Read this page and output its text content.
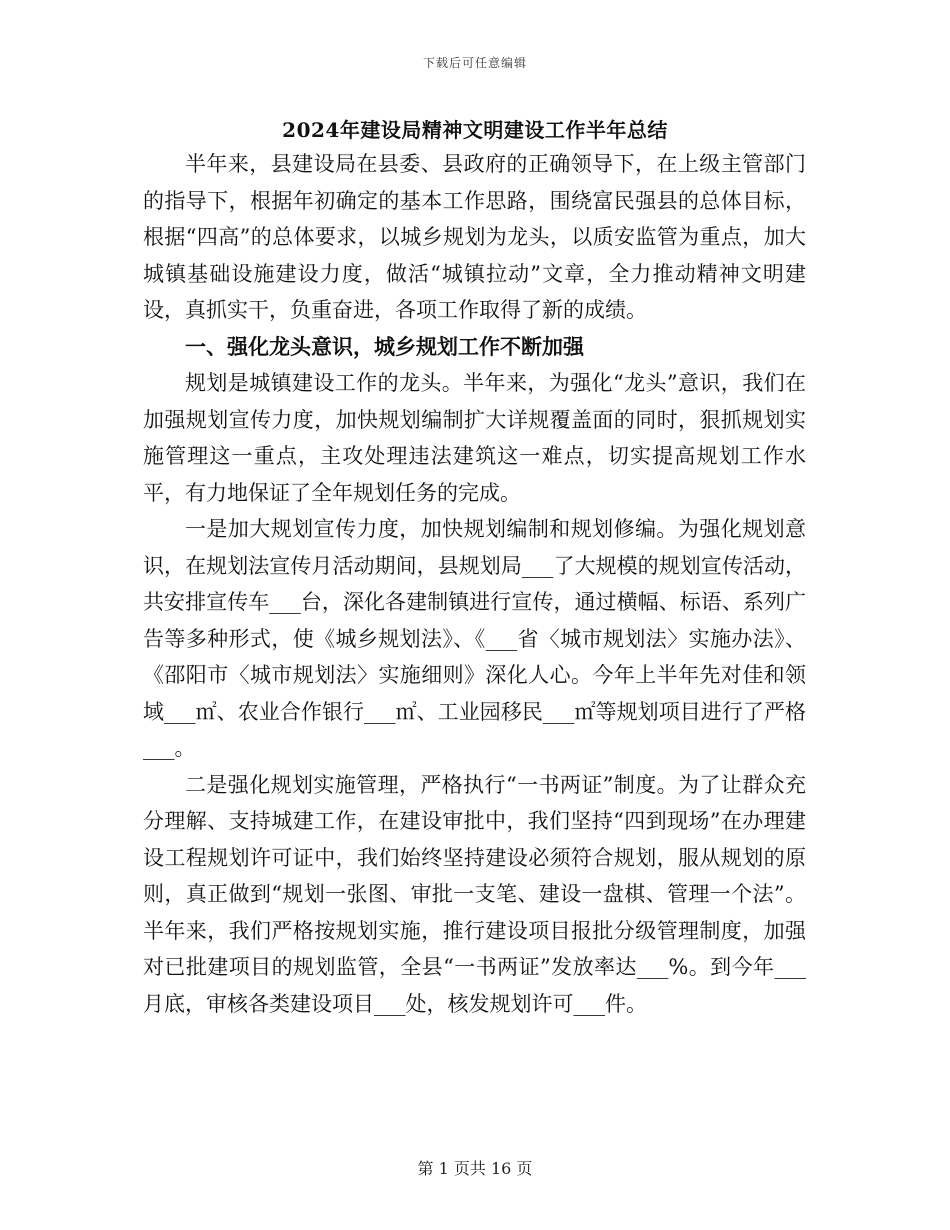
下载后可任意编辑
2024年建设局精神文明建设工作半年总结

半年来，县建设局在县委、县政府的正确领导下，在上级主管部门的指导下，根据年初确定的基本工作思路，围绕富民强县的总体目标，根据“四高”的总体要求，以城乡规划为龙头，以质安监管为重点，加大城镇基础设施建设力度，做活“城镇拉动”文章，全力推动精神文明建设，真抓实干，负重奋进，各项工作取得了新的成绩。

一、强化龙头意识，城乡规划工作不断加强

规划是城镇建设工作的龙头。半年来，为强化“龙头”意识，我们在加强规划宣传力度，加快规划编制扩大详规覆盖面的同时，狠抓规划实施管理这一重点，主攻处理违法建筑这一难点，切实提高规划工作水平，有力地保证了全年规划任务的完成。

一是加大规划宣传力度，加快规划编制和规划修编。为强化规划意识，在规划法宣传月活动期间，县规划局___了大规模的规划宣传活动，共安排宣传车___台，深化各建制镇进行宣传，通过横幅、标语、系列广告等多种形式，使《城乡规划法》、《___省〈城市规划法〉实施办法》、《邵阳市〈城市规划法〉实施细则》深化人心。今年上半年先对佳和领域___㎡、农业合作银行___㎡、工业园移民___㎡等规划项目进行了严格___。

二是强化规划实施管理，严格执行“一书两证”制度。为了让群众充分理解、支持城建工作，在建设审批中，我们坚持“四到现场”在办理建设工程规划许可证中，我们始终坚持建设必须符合规划，服从规划的原则，真正做到“规划一张图、审批一支笔、建设一盘棋、管理一个法”。半年来，我们严格按规划实施，推行建设项目报批分级管理制度，加强对已批建项目的规划监管，全县“一书两证”发放率达___%。到今年___月底，审核各类建设项目___处，核发规划许可___件。

第 1 页共 16 页
